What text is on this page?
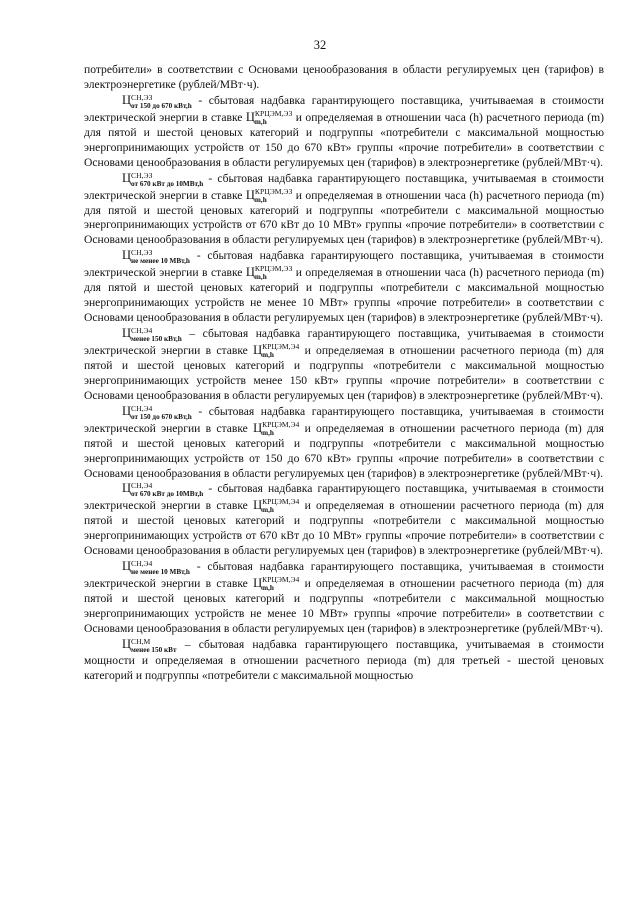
32

потребители» в соответствии с Основами ценообразования в области регулируемых цен (тарифов) в электроэнергетике (рублей/МВт·ч).

Ц СН,ЭЗ
от 150 до 670 кВт,h - сбытовая надбавка гарантирующего поставщика, учитываемая в стоимости электрической энергии в ставке Ц КРЦЭМ,ЭЗ
m,h	и определяемая в отношении часа (h) расчетного периода (m) для пятой и шестой ценовых категорий и подгруппы «потребители с максимальной мощностью энергопринимающих устройств от 150 до 670 кВт» группы «прочие потребители» в соответствии с Основами ценообразования в области регулируемых цен (тарифов) в электроэнергетике (рублей/МВт·ч).

Ц СН,ЭЗ
от 670 кВт до 10МВт,h - сбытовая надбавка гарантирующего поставщика, учитываемая в стоимости электрической энергии в ставке Ц КРЦЭМ,ЭЗ
m,h	и определяемая в отношении часа (h) расчетного периода (m) для пятой и шестой ценовых категорий и подгруппы «потребители с максимальной мощностью энергопринимающих устройств от 670 кВт до 10 МВт» группы «прочие потребители» в соответствии с Основами ценообразования в области регулируемых цен (тарифов) в электроэнергетике (рублей/МВт·ч).

Ц СН,ЭЗ
не менее 10 МВт,h - сбытовая надбавка гарантирующего поставщика, учитываемая в стоимости электрической энергии в ставке Ц КРЦЭМ,ЭЗ
m,h	и определяемая в отношении часа (h) расчетного периода (m) для пятой и шестой ценовых категорий и подгруппы «потребители с максимальной мощностью энергопринимающих устройств не менее 10 МВт» группы «прочие потребители» в соответствии с Основами ценообразования в области регулируемых цен (тарифов) в электроэнергетике (рублей/МВт·ч).

Ц СН,Э4
менее 150 кВт,h – сбытовая надбавка гарантирующего поставщика, учитываемая в стоимости электрической энергии в ставке Ц КРЦЭМ,Э4
m,h	и определяемая в отношении расчетного периода (m) для пятой и шестой ценовых категорий и подгруппы «потребители с максимальной мощностью энергопринимающих устройств менее 150 кВт» группы «прочие потребители» в соответствии с Основами ценообразования в области регулируемых цен (тарифов) в электроэнергетике (рублей/МВт·ч).

Ц СН,Э4
от 150 до 670 кВт,h - сбытовая надбавка гарантирующего поставщика, учитываемая в стоимости электрической энергии в ставке Ц КРЦЭМ,Э4
m,h	и определяемая в отношении расчетного периода (m) для пятой и шестой ценовых категорий и подгруппы «потребители с максимальной мощностью энергопринимающих устройств от 150 до 670 кВт» группы «прочие потребители» в соответствии с Основами ценообразования в области регулируемых цен (тарифов) в электроэнергетике (рублей/МВт·ч).

Ц СН,Э4
от 670 кВт до 10МВт,h - сбытовая надбавка гарантирующего поставщика, учитываемая в стоимости электрической энергии в ставке Ц КРЦЭМ,Э4
m,h	и определяемая в отношении расчетного периода (m) для пятой и шестой ценовых категорий и подгруппы «потребители с максимальной мощностью энергопринимающих устройств от 670 кВт до 10 МВт» группы «прочие потребители» в соответствии с Основами ценообразования в области регулируемых цен (тарифов) в электроэнергетике (рублей/МВт·ч).

Ц СН,Э4
не менее 10 МВт,h - сбытовая надбавка гарантирующего поставщика, учитываемая в стоимости электрической энергии в ставке Ц КРЦЭМ,Э4
m,h	и определяемая в отношении расчетного периода (m) для пятой и шестой ценовых категорий и подгруппы «потребители с максимальной мощностью энергопринимающих устройств не менее 10 МВт» группы «прочие потребители» в соответствии с Основами ценообразования в области регулируемых цен (тарифов) в электроэнергетике (рублей/МВт·ч).

Ц СН,М
менее 150 кВт – сбытовая надбавка гарантирующего поставщика, учитываемая в стоимости мощности и определяемая в отношении расчетного периода (m) для третьей - шестой ценовых категорий и подгруппы «потребители с максимальной мощностью
